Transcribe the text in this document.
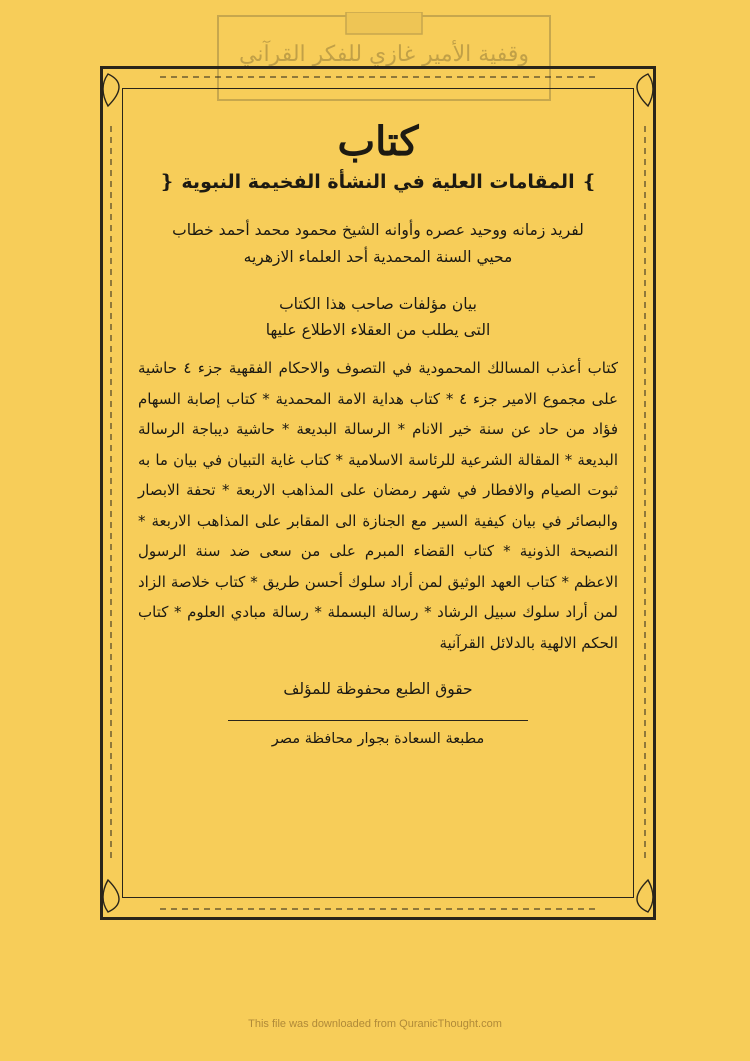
وقفية الأمير غازي للفكر القرآني
كتاب
❵ المقامات العلية في النشأة الفخيمة النبوية ❴
لفريد زمانه ووحيد عصره وأوانه الشيخ محمود محمد أحمد خطاب
محيي السنة المحمدية أحد العلماء الازهريه
بيان مؤلفات صاحب هذا الكتاب
التى يطلب من العقلاء الاطلاع عليها
كتاب أعذب المسالك المحمودية في التصوف والاحكام الفقهية جزء ٤ حاشية على مجموع الامير جزء ٤ * كتاب هداية الامة المحمدية * كتاب إصابة السهام فؤاد من حاد عن سنة خير الانام * الرسالة البديعة * حاشية ديباجة الرسالة البديعة * المقالة الشرعية للرئاسة الاسلامية * كتاب غاية التبيان في بيان ما به ثبوت الصيام والافطار في شهر رمضان على المذاهب الاربعة * تحفة الابصار والبصائر في بيان كيفية السير مع الجنازة الى المقابر على المذاهب الاربعة * النصيحة الذونية * كتاب القضاء المبرم على من سعى ضد سنة الرسول الاعظم * كتاب العهد الوثيق لمن أراد سلوك أحسن طريق * كتاب خلاصة الزاد لمن أراد سلوك سبيل الرشاد * رسالة البسملة * رسالة مبادي العلوم * كتاب الحكم الالهية بالدلائل القرآنية
حقوق الطبع محفوظة للمؤلف
مطبعة السعادة بجوار محافظة مصر
This file was downloaded from QuranicThought.com
